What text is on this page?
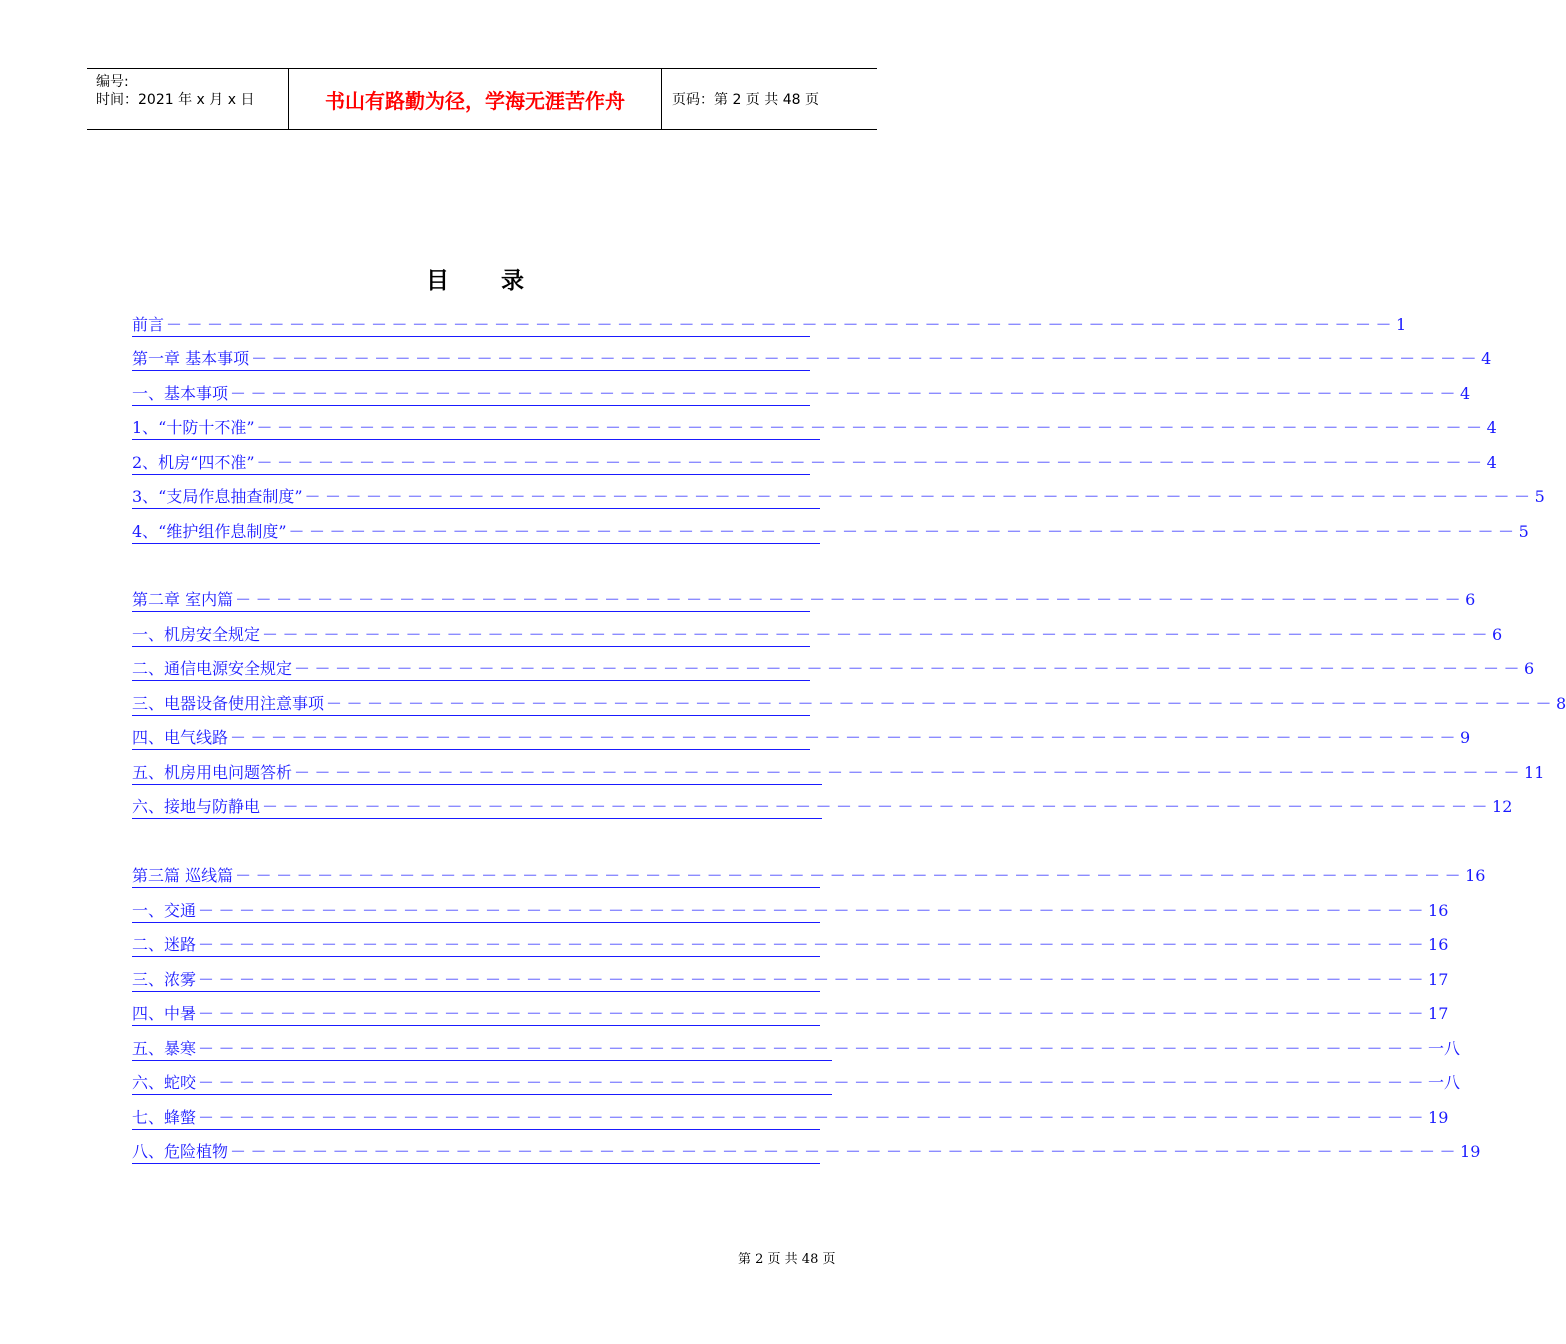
编号:
时间：2021 年 x 月 x 日	书山有路勤为径，学海无涯苦作舟	页码：第 2 页 共 48 页
目录
前言 －－－－－－－－－－－－－－－－－－－－－－－－－－－－－－－－－－－－－－－－－－－－－－－－－－－－－－－－－－－－ 1
第一章 基本事项 －－－－－－－－－－－－－－－－－－－－－－－－－－－－－－－－－－－－－－－－－－－－－－－－－－－－－－－－－－－－ 4
一、基本事项 －－－－－－－－－－－－－－－－－－－－－－－－－－－－－－－－－－－－－－－－－－－－－－－－－－－－－－－－－－－－ 4
1、“十防十不准” －－－－－－－－－－－－－－－－－－－－－－－－－－－－－－－－－－－－－－－－－－－－－－－－－－－－－－－－－－－－ 4
2、机房“四不准” －－－－－－－－－－－－－－－－－－－－－－－－－－－－－－－－－－－－－－－－－－－－－－－－－－－－－－－－－－－－ 4
3、“支局作息抽查制度” －－－－－－－－－－－－－－－－－－－－－－－－－－－－－－－－－－－－－－－－－－－－－－－－－－－－－－－－－－－－ 5
4、“维护组作息制度” －－－－－－－－－－－－－－－－－－－－－－－－－－－－－－－－－－－－－－－－－－－－－－－－－－－－－－－－－－－－ 5
第二章 室内篇 －－－－－－－－－－－－－－－－－－－－－－－－－－－－－－－－－－－－－－－－－－－－－－－－－－－－－－－－－－－－ 6
一、机房安全规定 －－－－－－－－－－－－－－－－－－－－－－－－－－－－－－－－－－－－－－－－－－－－－－－－－－－－－－－－－－－－ 6
二、通信电源安全规定 －－－－－－－－－－－－－－－－－－－－－－－－－－－－－－－－－－－－－－－－－－－－－－－－－－－－－－－－－－－－ 6
三、电器设备使用注意事项 －－－－－－－－－－－－－－－－－－－－－－－－－－－－－－－－－－－－－－－－－－－－－－－－－－－－－－－－－－－－ 8
四、电气线路 －－－－－－－－－－－－－－－－－－－－－－－－－－－－－－－－－－－－－－－－－－－－－－－－－－－－－－－－－－－－ 9
五、机房用电问题答析 －－－－－－－－－－－－－－－－－－－－－－－－－－－－－－－－－－－－－－－－－－－－－－－－－－－－－－－－－－－－ 11
六、接地与防静电 －－－－－－－－－－－－－－－－－－－－－－－－－－－－－－－－－－－－－－－－－－－－－－－－－－－－－－－－－－－－ 12
第三篇 巡线篇 －－－－－－－－－－－－－－－－－－－－－－－－－－－－－－－－－－－－－－－－－－－－－－－－－－－－－－－－－－－－ 16
一、交通 －－－－－－－－－－－－－－－－－－－－－－－－－－－－－－－－－－－－－－－－－－－－－－－－－－－－－－－－－－－－ 16
二、迷路 －－－－－－－－－－－－－－－－－－－－－－－－－－－－－－－－－－－－－－－－－－－－－－－－－－－－－－－－－－－－ 16
三、浓雾 －－－－－－－－－－－－－－－－－－－－－－－－－－－－－－－－－－－－－－－－－－－－－－－－－－－－－－－－－－－－ 17
四、中暑 －－－－－－－－－－－－－－－－－－－－－－－－－－－－－－－－－－－－－－－－－－－－－－－－－－－－－－－－－－－－ 17
五、暴寒 －－－－－－－－－－－－－－－－－－－－－－－－－－－－－－－－－－－－－－－－－－－－－－－－－－－－－－－－－－－－ 一八
六、蛇咬 －－－－－－－－－－－－－－－－－－－－－－－－－－－－－－－－－－－－－－－－－－－－－－－－－－－－－－－－－－－－ 一八
七、蜂螫 －－－－－－－－－－－－－－－－－－－－－－－－－－－－－－－－－－－－－－－－－－－－－－－－－－－－－－－－－－－－ 19
八、危险植物 －－－－－－－－－－－－－－－－－－－－－－－－－－－－－－－－－－－－－－－－－－－－－－－－－－－－－－－－－－－－ 19
第 2 页 共 48 页
